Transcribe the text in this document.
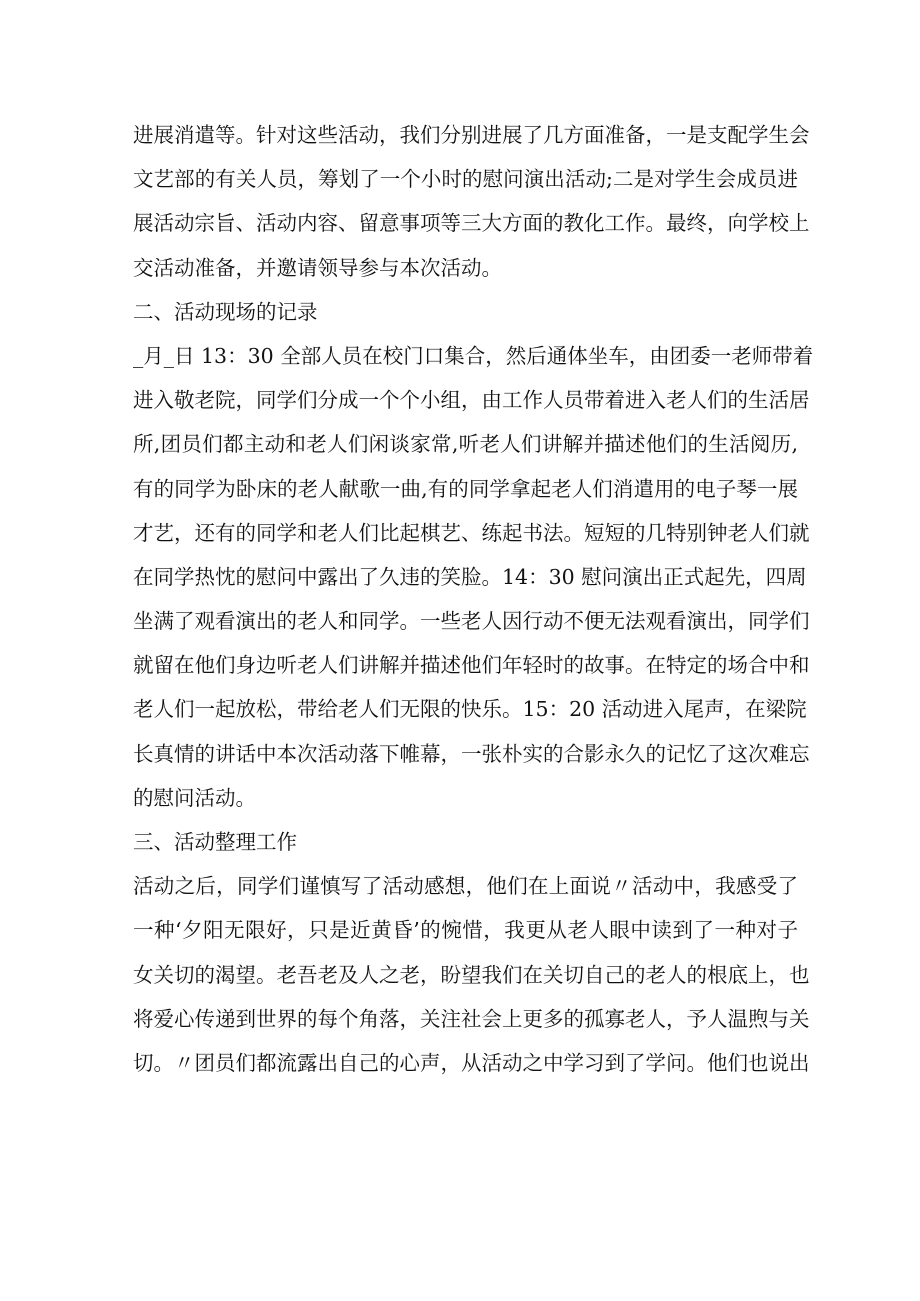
进展消遣等。针对这些活动，我们分别进展了几方面准备，一是支配学生会
文艺部的有关人员，筹划了一个小时的慰问演出活动;二是对学生会成员进
展活动宗旨、活动内容、留意事项等三大方面的教化工作。最终，向学校上
交活动准备，并邀请领导参与本次活动。
二、活动现场的记录
_月_日 13：30 全部人员在校门口集合，然后通体坐车，由团委一老师带着
进入敬老院，同学们分成一个个小组，由工作人员带着进入老人们的生活居
所,团员们都主动和老人们闲谈家常,听老人们讲解并描述他们的生活阅历,
有的同学为卧床的老人献歌一曲,有的同学拿起老人们消遣用的电子琴一展
才艺，还有的同学和老人们比起棋艺、练起书法。短短的几特别钟老人们就
在同学热忱的慰问中露出了久违的笑脸。14：30 慰问演出正式起先，四周
坐满了观看演出的老人和同学。一些老人因行动不便无法观看演出，同学们
就留在他们身边听老人们讲解并描述他们年轻时的故事。在特定的场合中和
老人们一起放松，带给老人们无限的快乐。15：20 活动进入尾声，在梁院
长真情的讲话中本次活动落下帷幕，一张朴实的合影永久的记忆了这次难忘
的慰问活动。
三、活动整理工作
活动之后，同学们谨慎写了活动感想，他们在上面说〃活动中，我感受了
一种‘夕阳无限好，只是近黄昏’的惋惜，我更从老人眼中读到了一种对子
女关切的渴望。老吾老及人之老，盼望我们在关切自己的老人的根底上，也
将爱心传递到世界的每个角落，关注社会上更多的孤寡老人，予人温煦与关
切。〃团员们都流露出自己的心声，从活动之中学习到了学问。他们也说出
